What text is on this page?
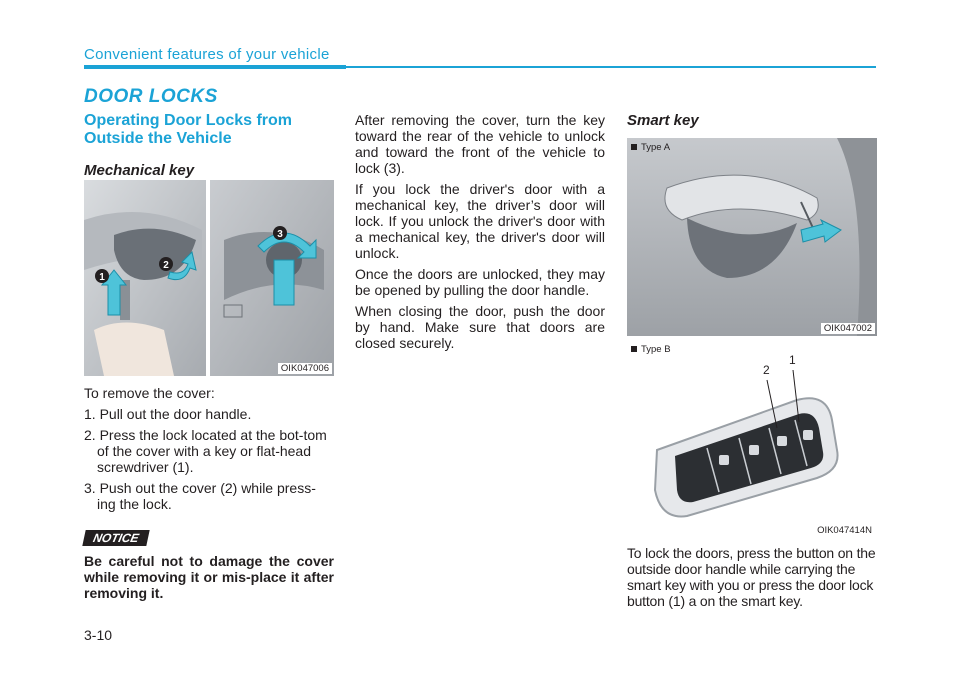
Convenient features of your vehicle
DOOR LOCKS
Operating Door Locks from Outside the Vehicle
Mechanical key
1
2
3
OIK047006
To remove the cover:
1. Pull out the door handle.
2. Press the lock located at the bot-tom of the cover with a key or flat-head screwdriver (1).
3. Push out the cover (2) while press-ing the lock.
NOTICE
Be careful not to damage the cover while removing it or mis-place it after removing it.
After removing the cover, turn the key toward the rear of the vehicle to unlock and toward the front of the vehicle to lock (3).
If you lock the driver's door with a mechanical key, the driver’s door will lock. If you unlock the driver's door with a mechanical key, the driver's door will unlock.
Once the doors are unlocked, they may be opened by pulling the door handle.
When closing the door, push the door by hand. Make sure that doors are closed securely.
Smart key
Type A
OIK047002
2
1
Type B
OIK047414N
To lock the doors, press the button on the outside door handle while carrying the smart key with you or press the door lock button (1) a on the smart key.
3-10
